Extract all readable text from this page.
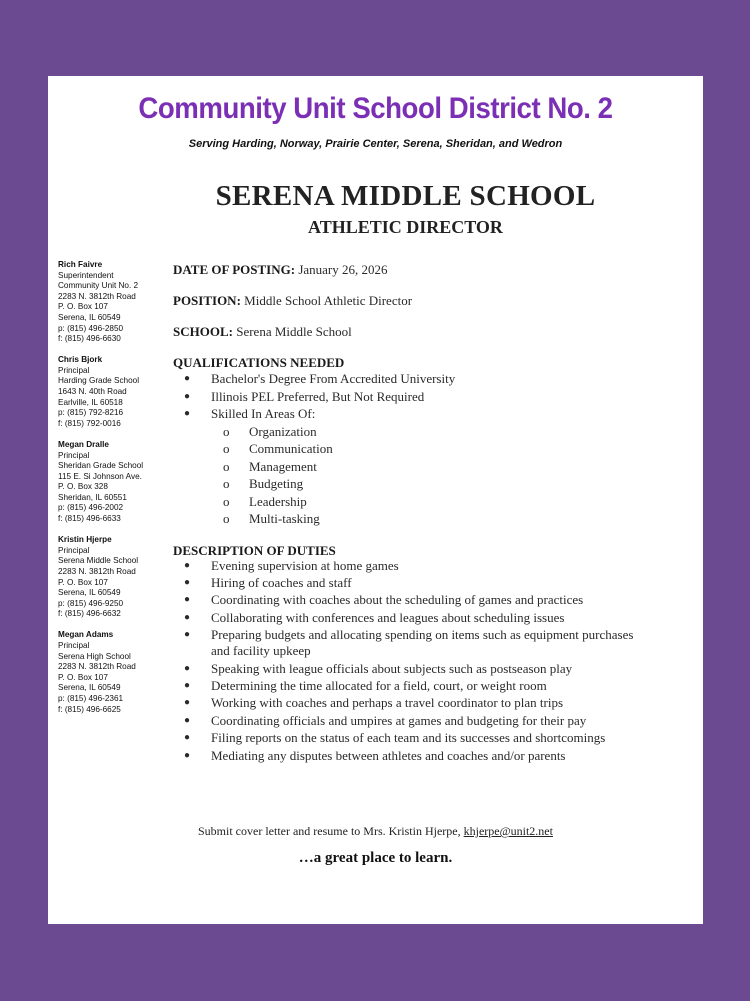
Community Unit School District No. 2
Serving Harding, Norway, Prairie Center, Serena, Sheridan, and Wedron
SERENA MIDDLE SCHOOL
ATHLETIC DIRECTOR
Rich Faivre
Superintendent
Community Unit No. 2
2283 N. 3812th Road
P. O. Box 107
Serena, IL 60549
p: (815) 496-2850
f: (815) 496-6630
Chris Bjork
Principal
Harding Grade School
1643 N. 40th Road
Earlville, IL 60518
p: (815) 792-8216
f: (815) 792-0016
Megan Dralle
Principal
Sheridan Grade School
115 E. Si Johnson Ave.
P. O. Box 328
Sheridan, IL 60551
p: (815) 496-2002
f: (815) 496-6633
Kristin Hjerpe
Principal
Serena Middle School
2283 N. 3812th Road
P. O. Box 107
Serena, IL 60549
p: (815) 496-9250
f: (815) 496-6632
Megan Adams
Principal
Serena High School
2283 N. 3812th Road
P. O. Box 107
Serena, IL 60549
p: (815) 496-2361
f: (815) 496-6625

DATE OF POSTING: January 26, 2026

POSITION: Middle School Athletic Director

SCHOOL: Serena Middle School

QUALIFICATIONS NEEDED
● Bachelor's Degree From Accredited University
● Illinois PEL Preferred, But Not Required
● Skilled In Areas Of:
o Organization
o Communication
o Management
o Budgeting
o Leadership
o Multi-tasking
DESCRIPTION OF DUTIES
● Evening supervision at home games
● Hiring of coaches and staff
● Coordinating with coaches about the scheduling of games and practices
● Collaborating with conferences and leagues about scheduling issues
● Preparing budgets and allocating spending on items such as equipment purchases and facility upkeep
● Speaking with league officials about subjects such as postseason play
● Determining the time allocated for a field, court, or weight room
● Working with coaches and perhaps a travel coordinator to plan trips
● Coordinating officials and umpires at games and budgeting for their pay
● Filing reports on the status of each team and its successes and shortcomings
● Mediating any disputes between athletes and coaches and/or parents
Submit cover letter and resume to Mrs. Kristin Hjerpe, khjerpe@unit2.net
…a great place to learn.
